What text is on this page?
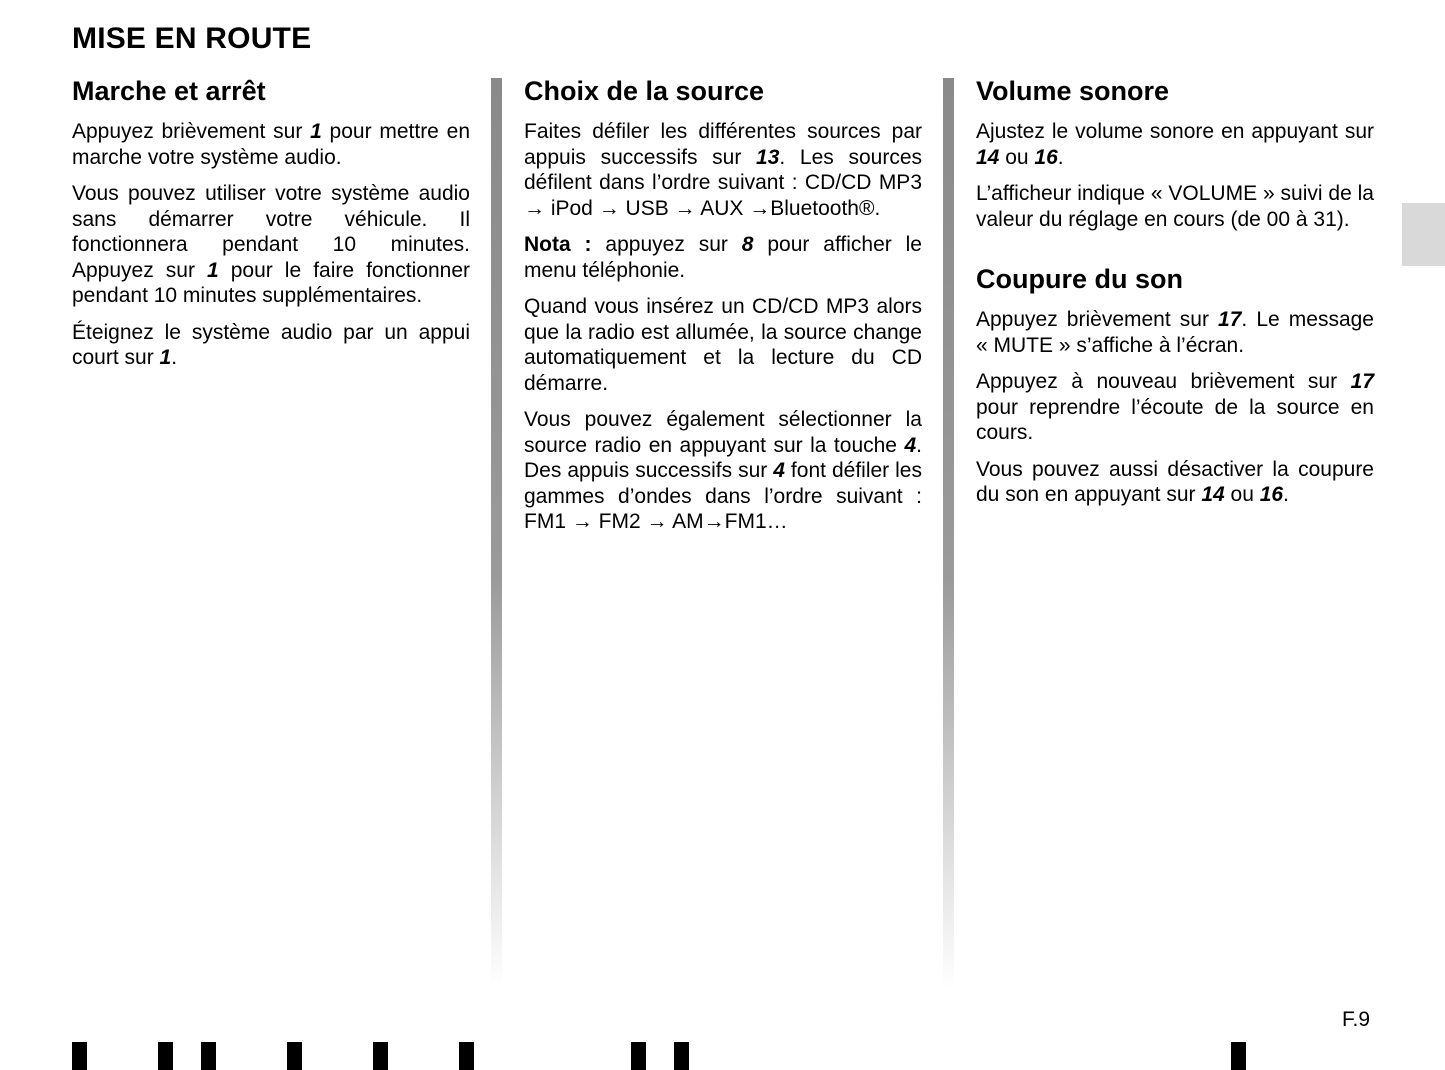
MISE EN ROUTE
Marche et arrêt

Appuyez brièvement sur 1 pour mettre en marche votre système audio.

Vous pouvez utiliser votre système audio sans démarrer votre véhicule. Il fonctionnera pendant 10 minutes. Appuyez sur 1 pour le faire fonctionner pendant 10 minutes supplémentaires.

Éteignez le système audio par un appui court sur 1.

Choix de la source

Faites défiler les différentes sources par appuis successifs sur 13. Les sources défilent dans l’ordre suivant : CD/CD MP3 → iPod → USB → AUX →Bluetooth®.

Nota : appuyez sur 8 pour afficher le menu téléphonie.

Quand vous insérez un CD/CD MP3 alors que la radio est allumée, la source change automatiquement et la lecture du CD démarre.

Vous pouvez également sélectionner la source radio en appuyant sur la touche 4. Des appuis successifs sur 4 font défiler les gammes d’ondes dans l’ordre suivant : FM1 → FM2 → AM→FM1…

Volume sonore

Ajustez le volume sonore en appuyant sur 14 ou 16.

L’afficheur indique « VOLUME » suivi de la valeur du réglage en cours (de 00 à 31).

Coupure du son

Appuyez brièvement sur 17. Le message « MUTE » s’affiche à l’écran.

Appuyez à nouveau brièvement sur 17 pour reprendre l’écoute de la source en cours.

Vous pouvez aussi désactiver la coupure du son en appuyant sur 14 ou 16.

F.9
